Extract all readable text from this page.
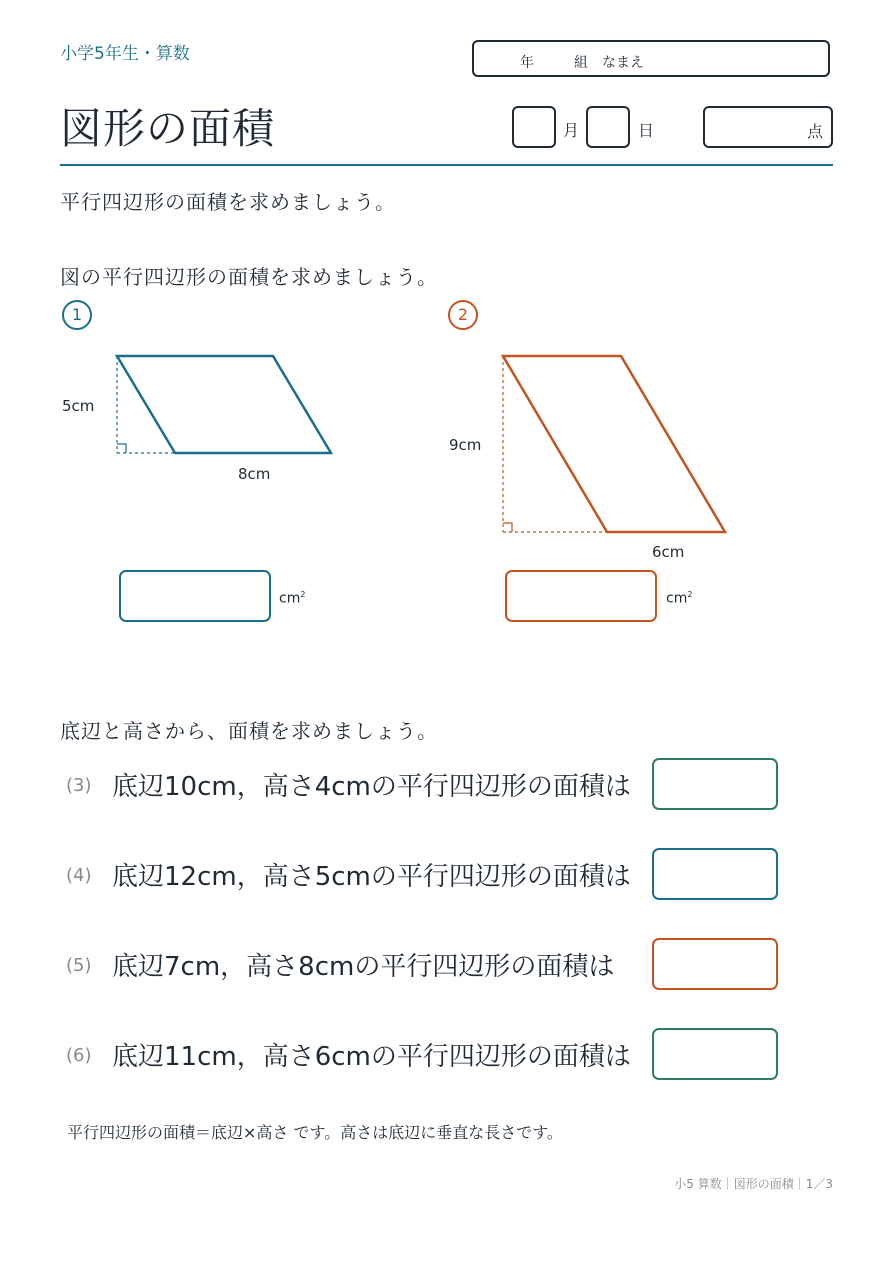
小学5年生・算数	年	組 なまえ
図形の面積	月	日	点
平行四辺形の面積を求めましょう。
図の平行四辺形の面積を求めましょう。
1	2
5cm
8cm
9cm
6cm
$cm^2$	$cm^2$
底辺と高さから、面積を求めましょう。
(3) 底辺10cm，高さ4cmの平行四辺形の面積は
(4) 底辺12cm，高さ5cmの平行四辺形の面積は
(5) 底辺7cm，高さ8cmの平行四辺形の面積は
(6) 底辺11cm，高さ6cmの平行四辺形の面積は
平行四辺形の面積＝底辺×高さ です。高さは底辺に垂直な長さです。
小5 算数｜図形の面積｜1／3
